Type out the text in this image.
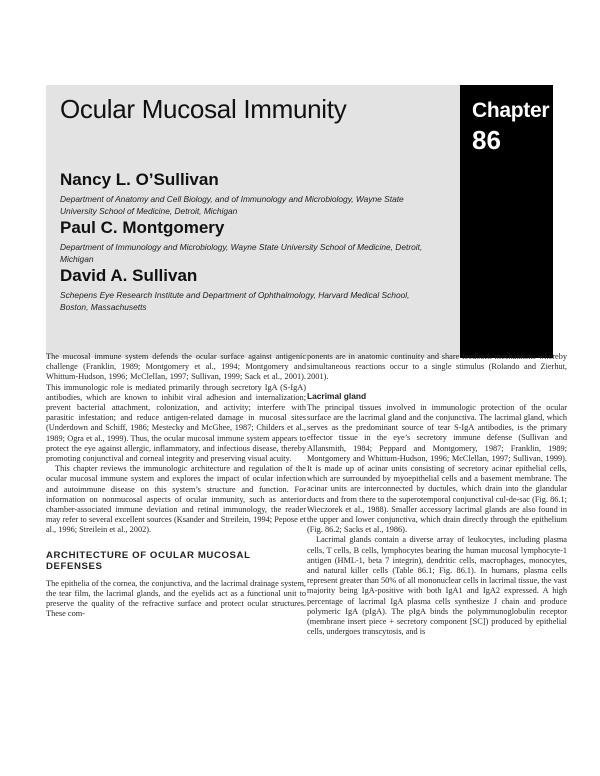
Chapter
86
Ocular Mucosal Immunity

Nancy L. O’Sullivan

Department of Anatomy and Cell Biology, and of Immunology and Microbiology, Wayne State University School of Medicine, Detroit, Michigan

Paul C. Montgomery

Department of Immunology and Microbiology, Wayne State University School of Medicine, Detroit, Michigan

David A. Sullivan

Schepens Eye Research Institute and Department of Ophthalmology, Harvard Medical School, Boston, Massachusetts

The mucosal immune system defends the ocular surface against antigenic challenge (Franklin, 1989; Montgomery et al., 1994; Montgomery and Whittum-Hudson, 1996; McClellan, 1997; Sullivan, 1999; Sack et al., 2001). This immunologic role is mediated primarily through secretory IgA (S-IgA) antibodies, which are known to inhibit viral adhesion and internalization; prevent bacterial attachment, colonization, and activity; interfere with parasitic infestation; and reduce antigen-related damage in mucosal sites (Underdown and Schiff, 1986; Mestecky and McGhee, 1987; Childers et al., 1989; Ogra et al., 1999). Thus, the ocular mucosal immune system appears to protect the eye against allergic, inflammatory, and infectious disease, thereby promoting conjunctival and corneal integrity and preserving visual acuity.

This chapter reviews the immunologic architecture and regulation of the ocular mucosal immune system and explores the impact of ocular infection and autoimmune disease on this system’s structure and function. For information on nonmucosal aspects of ocular immunity, such as anterior chamber-associated immune deviation and retinal immunology, the reader may refer to several excellent sources (Ksander and Streilein, 1994; Pepose et al., 1996; Streilein et al., 2002).

ARCHITECTURE OF OCULAR MUCOSAL DEFENSES

The epithelia of the cornea, the conjunctiva, and the lacrimal drainage system, the tear film, the lacrimal glands, and the eyelids act as a functional unit to preserve the quality of the refractive surface and protect ocular structures. These com-

ponents are in anatomic continuity and share feedback mechanisms whereby simultaneous reactions occur to a single stimulus (Rolando and Zierhut, 2001).

Lacrimal gland

The principal tissues involved in immunologic protection of the ocular surface are the lacrimal gland and the conjunctiva. The lacrimal gland, which serves as the predominant source of tear S-IgA antibodies, is the primary effector tissue in the eye’s secretory immune defense (Sullivan and Allansmith, 1984; Peppard and Montgomery, 1987; Franklin, 1989; Montgomery and Whittum-Hudson, 1996; McClellan, 1997; Sullivan, 1999). It is made up of acinar units consisting of secretory acinar epithelial cells, which are surrounded by myoepithelial cells and a basement membrane. The acinar units are interconnected by ductules, which drain into the glandular ducts and from there to the superotemporal conjunctival cul-de-sac (Fig. 86.1; Wieczorek et al., 1988). Smaller accessory lacrimal glands are also found in the upper and lower conjunctiva, which drain directly through the epithelium (Fig. 86.2; Sacks et al., 1986).

Lacrimal glands contain a diverse array of leukocytes, including plasma cells, T cells, B cells, lymphocytes bearing the human mucosal lymphocyte-1 antigen (HML-1, beta 7 integrin), dendritic cells, macrophages, monocytes, and natural killer cells (Table 86.1; Fig. 86.1). In humans, plasma cells represent greater than 50% of all mononuclear cells in lacrimal tissue, the vast majority being IgA-positive with both IgA1 and IgA2 expressed. A high percentage of lacrimal IgA plasma cells synthesize J chain and produce polymeric IgA (pIgA). The pIgA binds the polymmunoglobulin receptor (membrane insert piece + secretory component [SC]) produced by epithelial cells, undergoes transcytosis, and is
